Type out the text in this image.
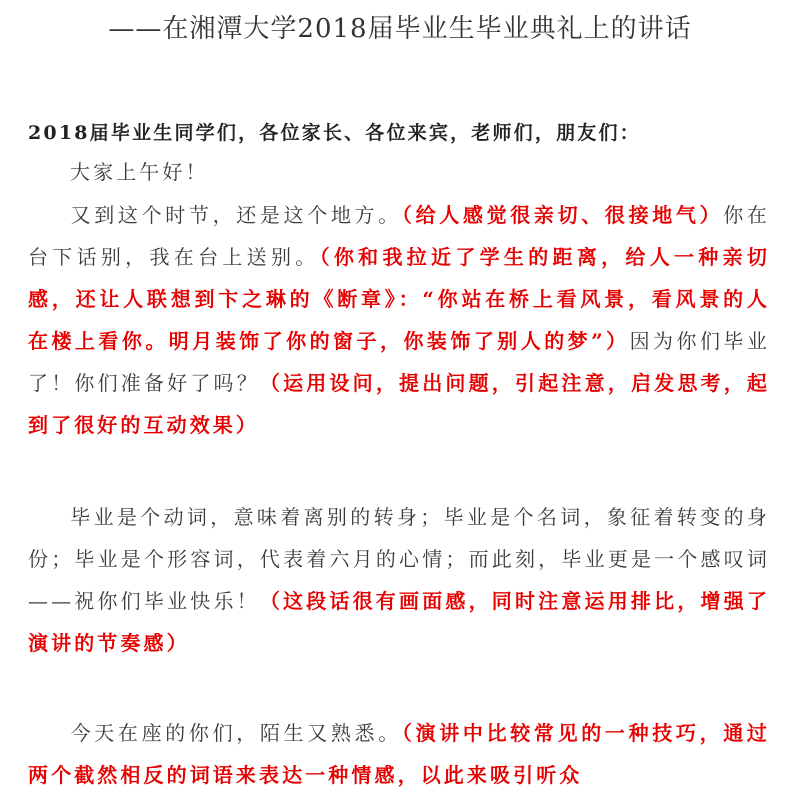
——在湘潭大学2018届毕业生毕业典礼上的讲话
2018届毕业生同学们，各位家长、各位来宾，老师们，朋友们：
大家上午好！
又到这个时节，还是这个地方。（给人感觉很亲切、很接地气）你在台下话别，我在台上送别。（你和我拉近了学生的距离，给人一种亲切感，还让人联想到卞之琳的《断章》：“你站在桥上看风景，看风景的人在楼上看你。明月装饰了你的窗子，你装饰了别人的梦”）因为你们毕业了！你们准备好了吗？（运用设问，提出问题，引起注意，启发思考，起到了很好的互动效果）
毕业是个动词，意味着离别的转身；毕业是个名词，象征着转变的身份；毕业是个形容词，代表着六月的心情；而此刻，毕业更是一个感叹词——祝你们毕业快乐！（这段话很有画面感，同时注意运用排比，增强了演讲的节奏感）
今天在座的你们，陌生又熟悉。（演讲中比较常见的一种技巧，通过两个截然相反的词语来表达一种情感，以此来吸引听众
